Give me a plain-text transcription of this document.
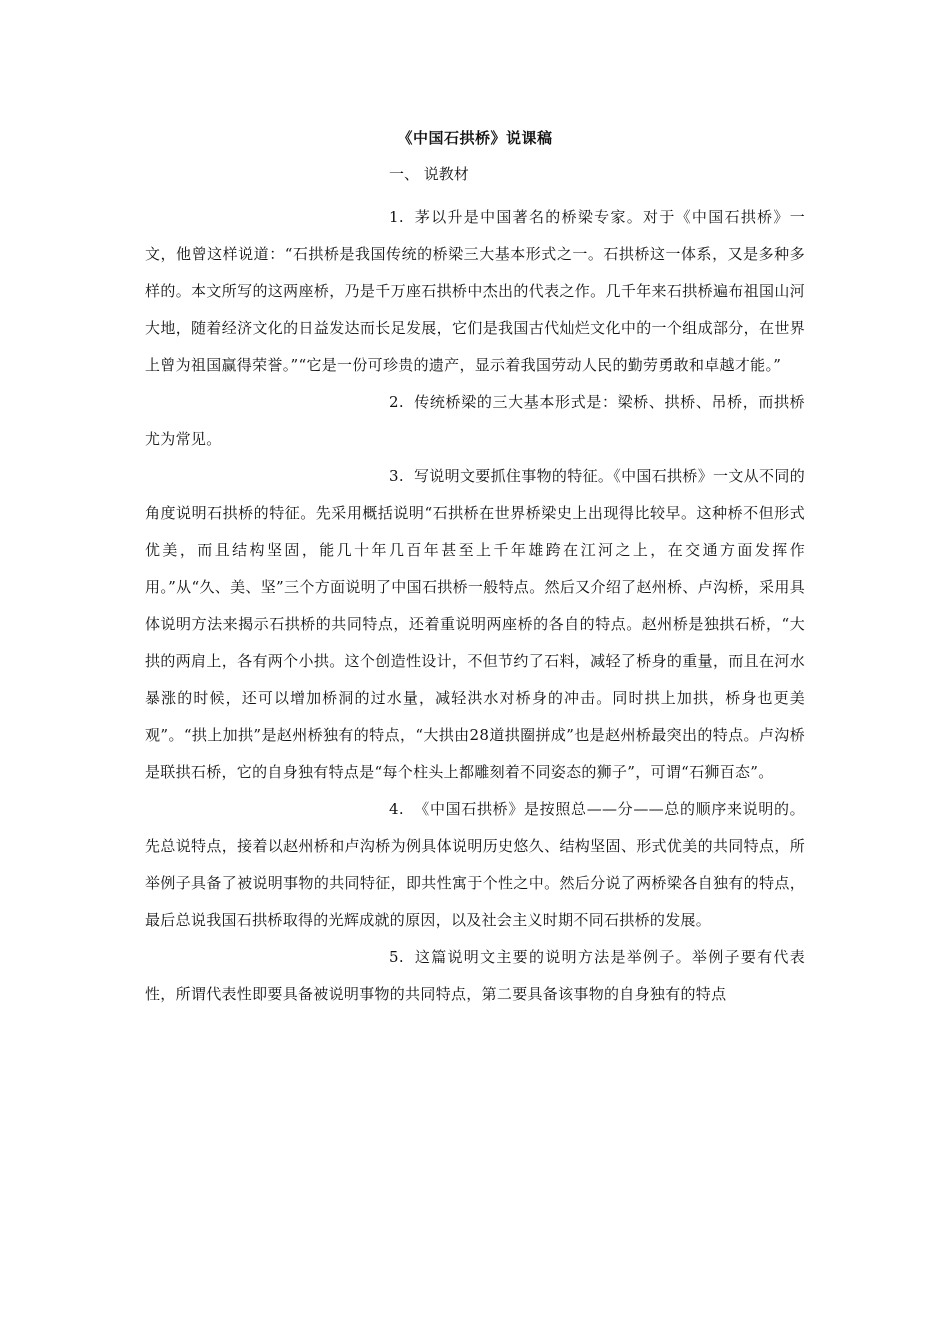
《中国石拱桥》说课稿
一、 说教材

1. 茅以升是中国著名的桥梁专家。对于《中国石拱桥》一文，他曾这样说道：“石拱桥是我国传统的桥梁三大基本形式之一。石拱桥这一体系，又是多种多样的。本文所写的这两座桥，乃是千万座石拱桥中杰出的代表之作。几千年来石拱桥遍布祖国山河大地，随着经济文化的日益发达而长足发展，它们是我国古代灿烂文化中的一个组成部分，在世界上曾为祖国赢得荣誉。”“它是一份可珍贵的遗产，显示着我国劳动人民的勤劳勇敢和卓越才能。”

2. 传统桥梁的三大基本形式是：梁桥、拱桥、吊桥，而拱桥尤为常见。

3. 写说明文要抓住事物的特征。《中国石拱桥》一文从不同的角度说明石拱桥的特征。先采用概括说明“石拱桥在世界桥梁史上出现得比较早。这种桥不但形式优美，而且结构坚固，能几十年几百年甚至上千年雄跨在江河之上，在交通方面发挥作用。”从“久、美、坚”三个方面说明了中国石拱桥一般特点。然后又介绍了赵州桥、卢沟桥，采用具体说明方法来揭示石拱桥的共同特点，还着重说明两座桥的各自的特点。赵州桥是独拱石桥，“大拱的两肩上，各有两个小拱。这个创造性设计，不但节约了石料，减轻了桥身的重量，而且在河水暴涨的时候，还可以增加桥洞的过水量，减轻洪水对桥身的冲击。同时拱上加拱，桥身也更美观”。“拱上加拱”是赵州桥独有的特点，“大拱由28道拱圈拼成”也是赵州桥最突出的特点。卢沟桥是联拱石桥，它的自身独有特点是“每个柱头上都雕刻着不同姿态的狮子”，可谓“石狮百态”。

4. 《中国石拱桥》是按照总——分——总的顺序来说明的。先总说特点，接着以赵州桥和卢沟桥为例具体说明历史悠久、结构坚固、形式优美的共同特点，所举例子具备了被说明事物的共同特征，即共性寓于个性之中。然后分说了两桥梁各自独有的特点，最后总说我国石拱桥取得的光辉成就的原因，以及社会主义时期不同石拱桥的发展。

5. 这篇说明文主要的说明方法是举例子。举例子要有代表性，所谓代表性即要具备被说明事物的共同特点，第二要具备该事物的自身独有的特点
